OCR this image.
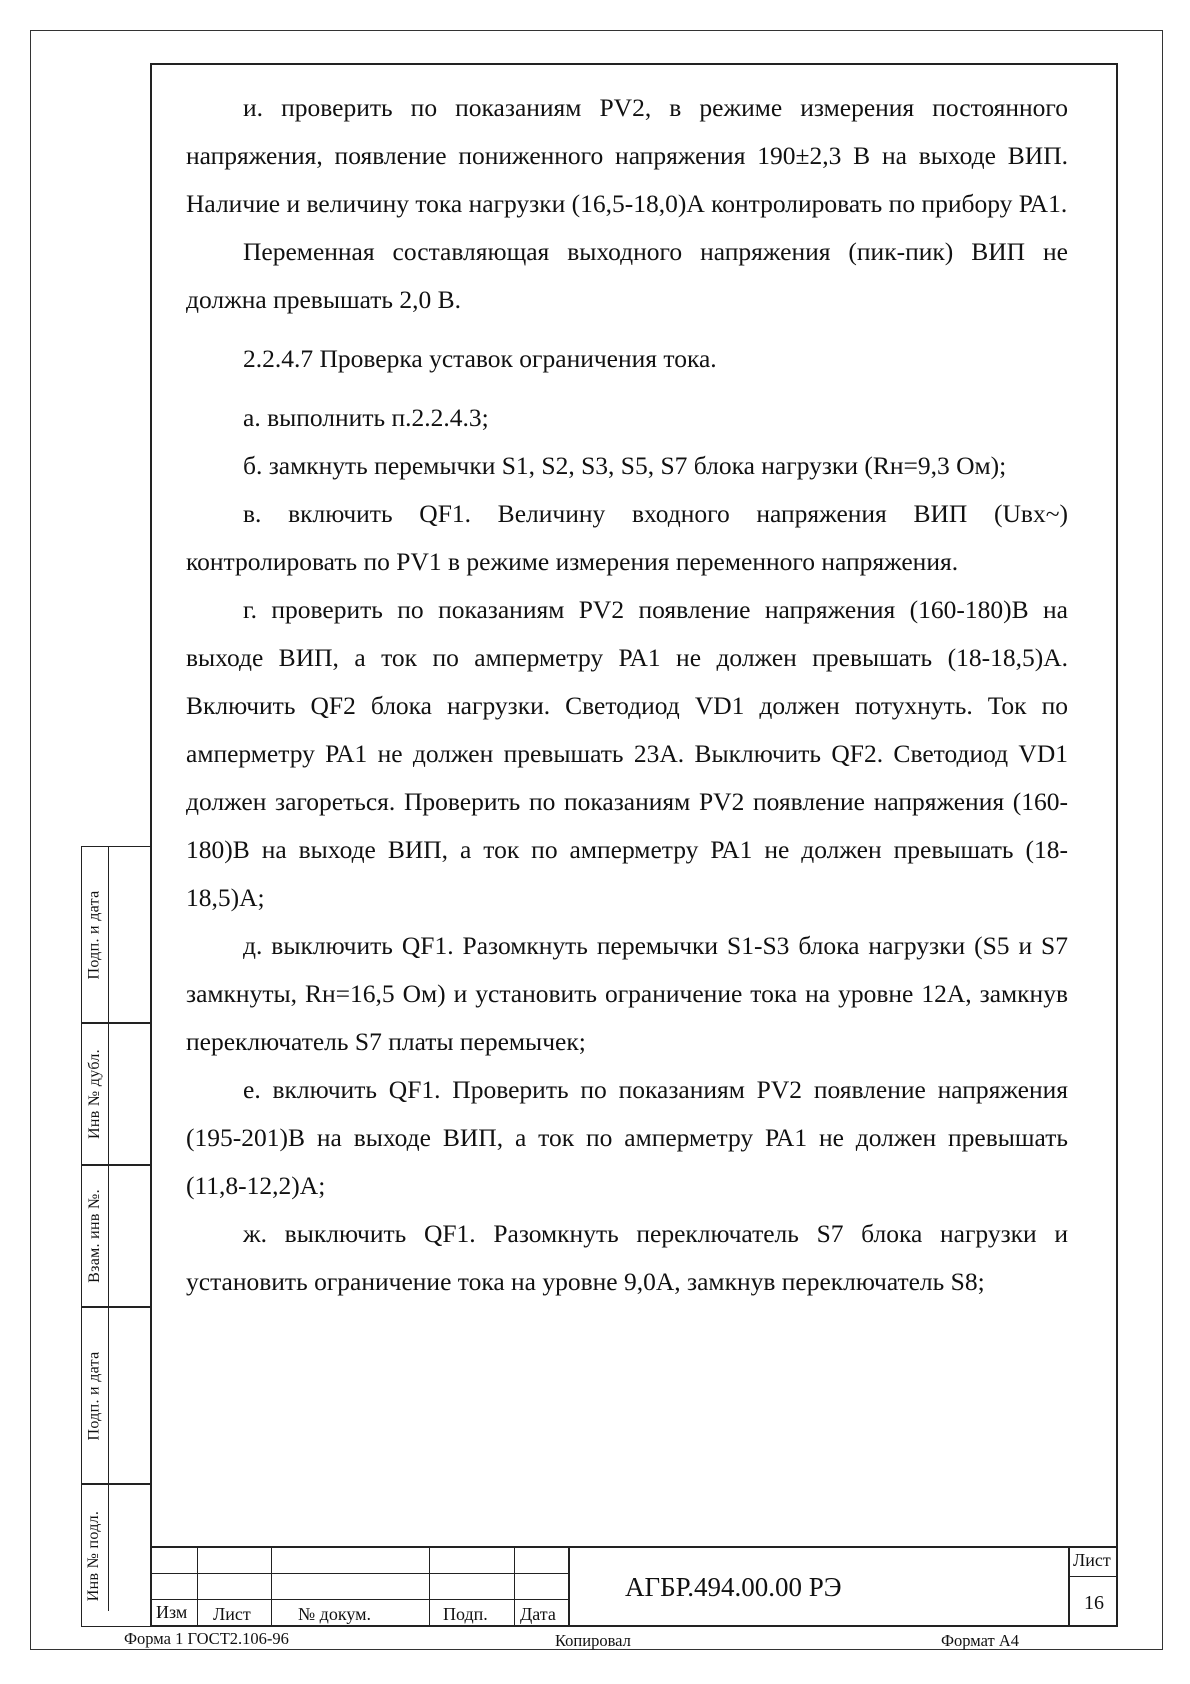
и. проверить по показаниям PV2, в режиме измерения постоянного напряжения, появление пониженного напряжения 190±2,3 В на выходе ВИП. Наличие и величину тока нагрузки (16,5-18,0)А контролировать по прибору РА1.

Переменная составляющая выходного напряжения (пик-пик) ВИП не должна превышать 2,0 В.

2.2.4.7 Проверка уставок ограничения тока.

а. выполнить п.2.2.4.3;

б. замкнуть перемычки S1, S2, S3, S5, S7 блока нагрузки (Rн=9,3 Ом);

в. включить QF1. Величину входного напряжения ВИП (Uвх~) контролировать по PV1 в режиме измерения переменного напряжения.

г. проверить по показаниям PV2 появление напряжения (160-180)В на выходе ВИП, а ток по амперметру РА1 не должен превышать (18-18,5)А. Включить QF2 блока нагрузки. Светодиод VD1 должен потухнуть. Ток по амперметру РА1 не должен превышать 23А. Выключить QF2. Светодиод VD1 должен загореться. Проверить по показаниям PV2 появление напряжения (160-180)В на выходе ВИП, а ток по амперметру РА1 не должен превышать (18-18,5)А;

д. выключить QF1. Разомкнуть перемычки S1-S3 блока нагрузки (S5 и S7 замкнуты, Rн=16,5 Ом) и установить ограничение тока на уровне 12А, замкнув переключатель S7 платы перемычек;

е. включить QF1. Проверить по показаниям PV2 появление напряжения (195-201)В на выходе ВИП, а ток по амперметру РА1 не должен превышать (11,8-12,2)А;

ж. выключить QF1. Разомкнуть переключатель S7 блока нагрузки и установить ограничение тока на уровне 9,0А, замкнув переключатель S8;

Подп. и дата
Инв № дубл.
Взам. инв №.
Подп. и дата
Инв № подл.
Изм Лист	№ докум.	Подп. Дата
АГБР.494.00.00 РЭ
Лист
16
Форма 1 ГОСТ2.106-96	Копировал	Формат А4
